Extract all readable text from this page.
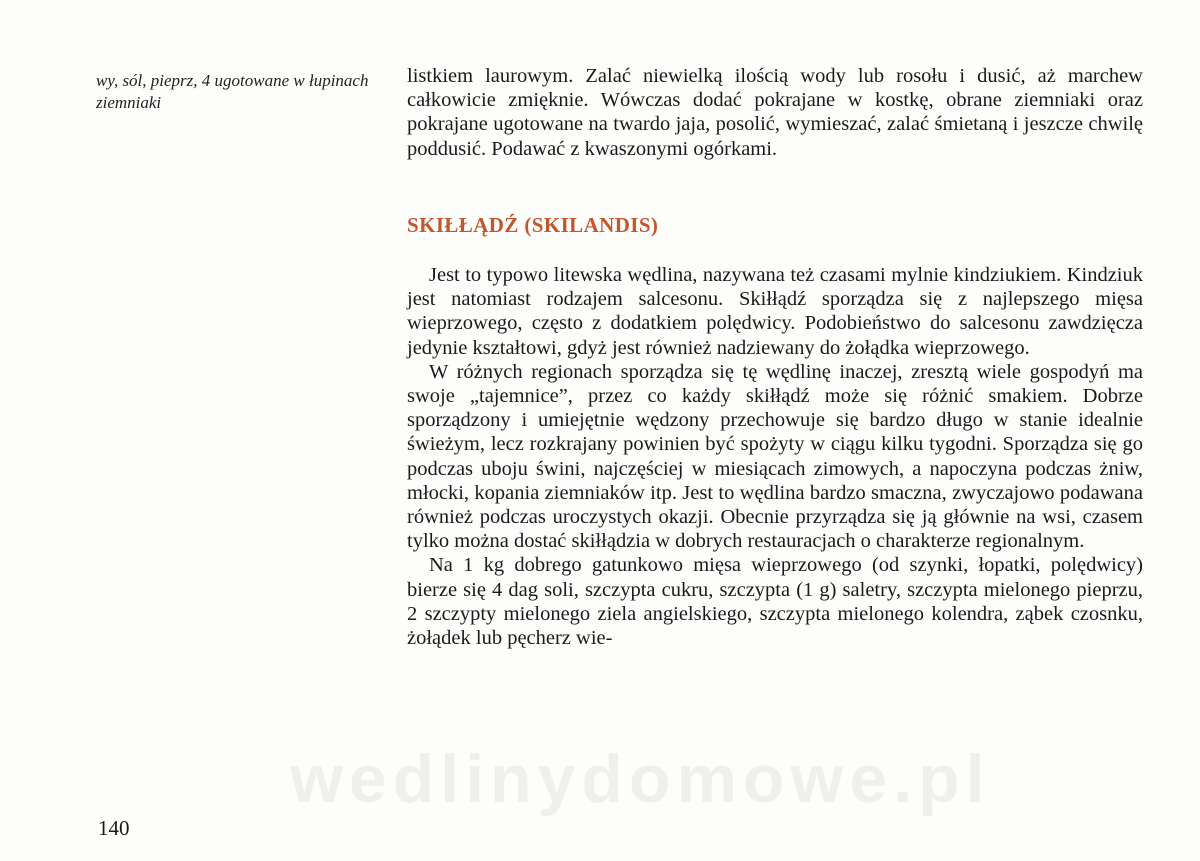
wy, sól, pieprz, 4 ugotowane w łupinach ziemniaki

listkiem laurowym. Zalać niewielką ilością wody lub rosołu i dusić, aż marchew całkowicie zmięknie. Wówczas dodać pokrajane w kostkę, obrane ziemniaki oraz pokrajane ugotowane na twardo jaja, posolić, wymieszać, zalać śmietaną i jeszcze chwilę poddusić. Podawać z kwaszonymi ogórkami.

SKIŁŁĄDŹ (SKILANDIS)

Jest to typowo litewska wędlina, nazywana też czasami mylnie kindziukiem. Kindziuk jest natomiast rodzajem salcesonu. Skiłłądź sporządza się z najlepszego mięsa wieprzowego, często z dodatkiem polędwicy. Podobieństwo do salcesonu zawdzięcza jedynie kształtowi, gdyż jest również nadziewany do żołądka wieprzowego.

W różnych regionach sporządza się tę wędlinę inaczej, zresztą wiele gospodyń ma swoje „tajemnice”, przez co każdy skiłłądź może się różnić smakiem. Dobrze sporządzony i umiejętnie wędzony przechowuje się bardzo długo w stanie idealnie świeżym, lecz rozkrajany powinien być spożyty w ciągu kilku tygodni. Sporządza się go podczas uboju świni, najczęściej w miesiącach zimowych, a napoczyna podczas żniw, młocki, kopania ziemniaków itp. Jest to wędlina bardzo smaczna, zwyczajowo podawana również podczas uroczystych okazji. Obecnie przyrządza się ją głównie na wsi, czasem tylko można dostać skiłłądzia w dobrych restauracjach o charakterze regionalnym.

Na 1 kg dobrego gatunkowo mięsa wieprzowego (od szynki, łopatki, polędwicy) bierze się 4 dag soli, szczypta cukru, szczypta (1 g) saletry, szczypta mielonego pieprzu, 2 szczypty mielonego ziela angielskiego, szczypta mielonego kolendra, ząbek czosnku, żołądek lub pęcherz wie-

140
wedlinydomowe.pl
